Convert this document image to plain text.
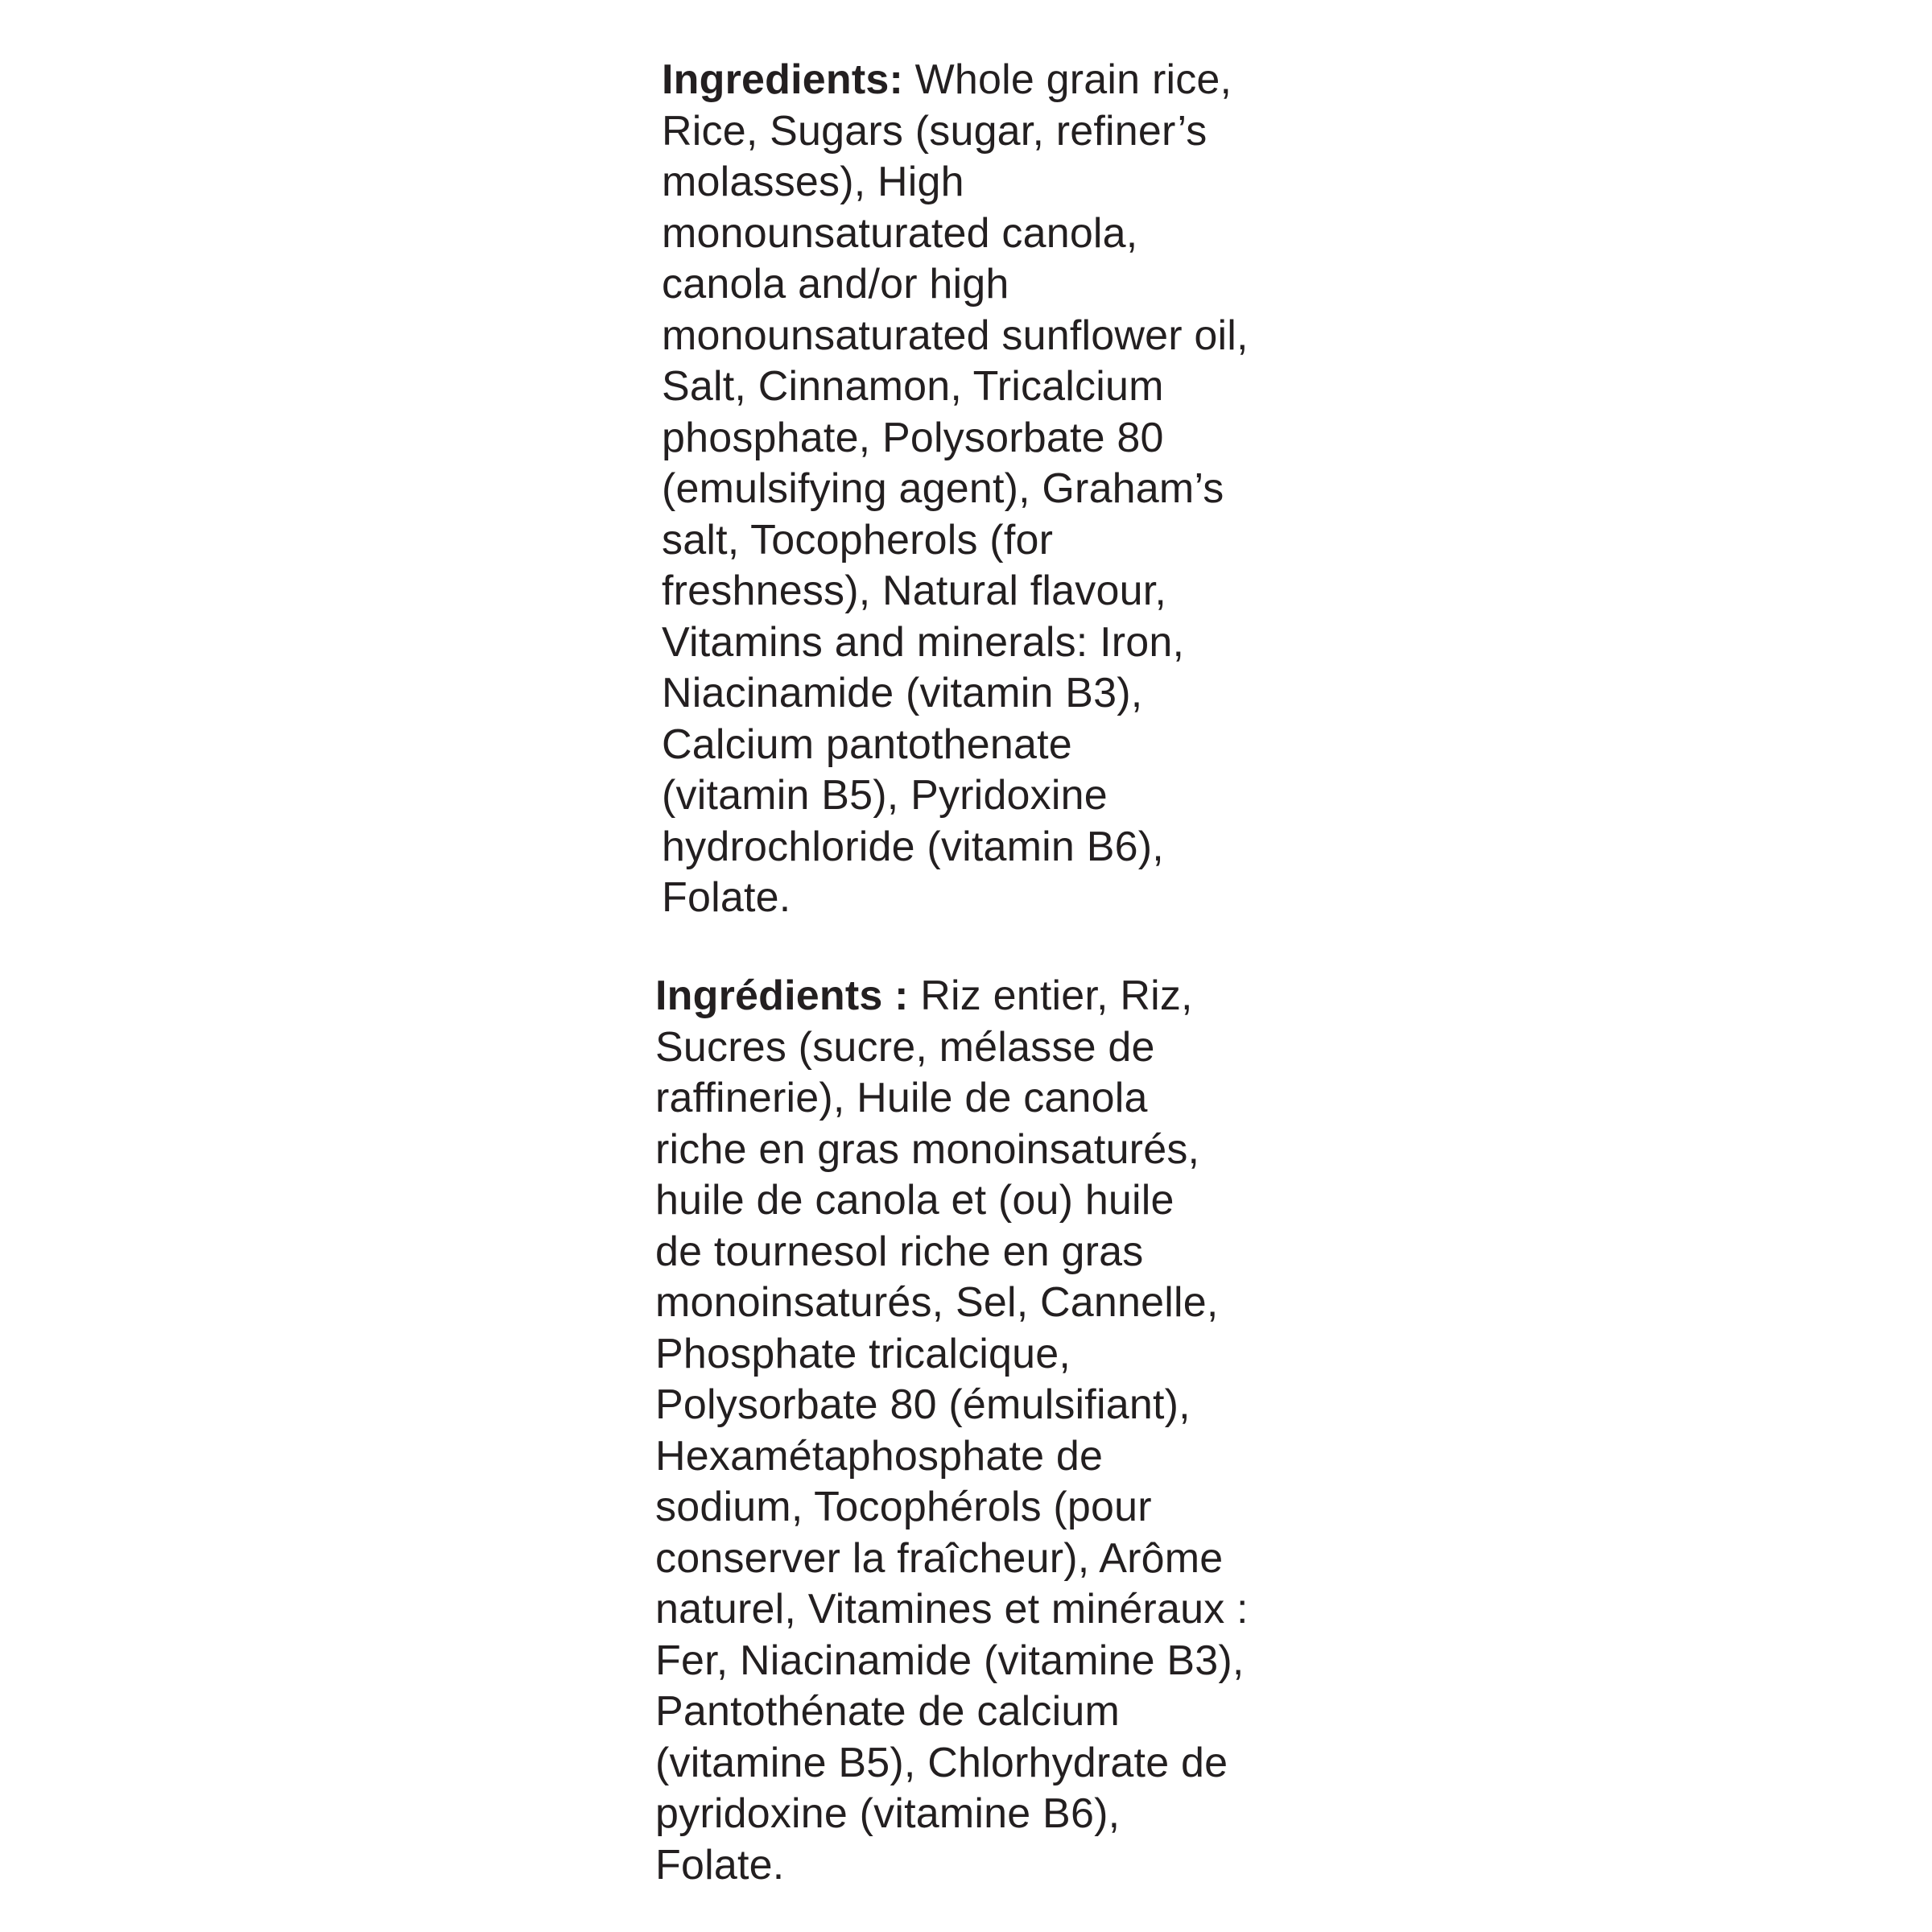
Ingredients: Whole grain rice,
Rice, Sugars (sugar, refiner’s
molasses), High
monounsaturated canola,
canola and/or high
monounsaturated sunflower oil,
Salt, Cinnamon, Tricalcium
phosphate, Polysorbate 80
(emulsifying agent), Graham’s
salt, Tocopherols (for
freshness), Natural flavour,
Vitamins and minerals: Iron,
Niacinamide (vitamin B3),
Calcium pantothenate
(vitamin B5), Pyridoxine
hydrochloride (vitamin B6),
Folate.
Ingrédients : Riz entier, Riz,
Sucres (sucre, mélasse de
raffinerie), Huile de canola
riche en gras monoinsaturés,
huile de canola et (ou) huile
de tournesol riche en gras
monoinsaturés, Sel, Cannelle,
Phosphate tricalcique,
Polysorbate 80 (émulsifiant),
Hexamétaphosphate de
sodium, Tocophérols (pour
conserver la fraîcheur), Arôme
naturel, Vitamines et minéraux :
Fer, Niacinamide (vitamine B3),
Pantothénate de calcium
(vitamine B5), Chlorhydrate de
pyridoxine (vitamine B6),
Folate.
